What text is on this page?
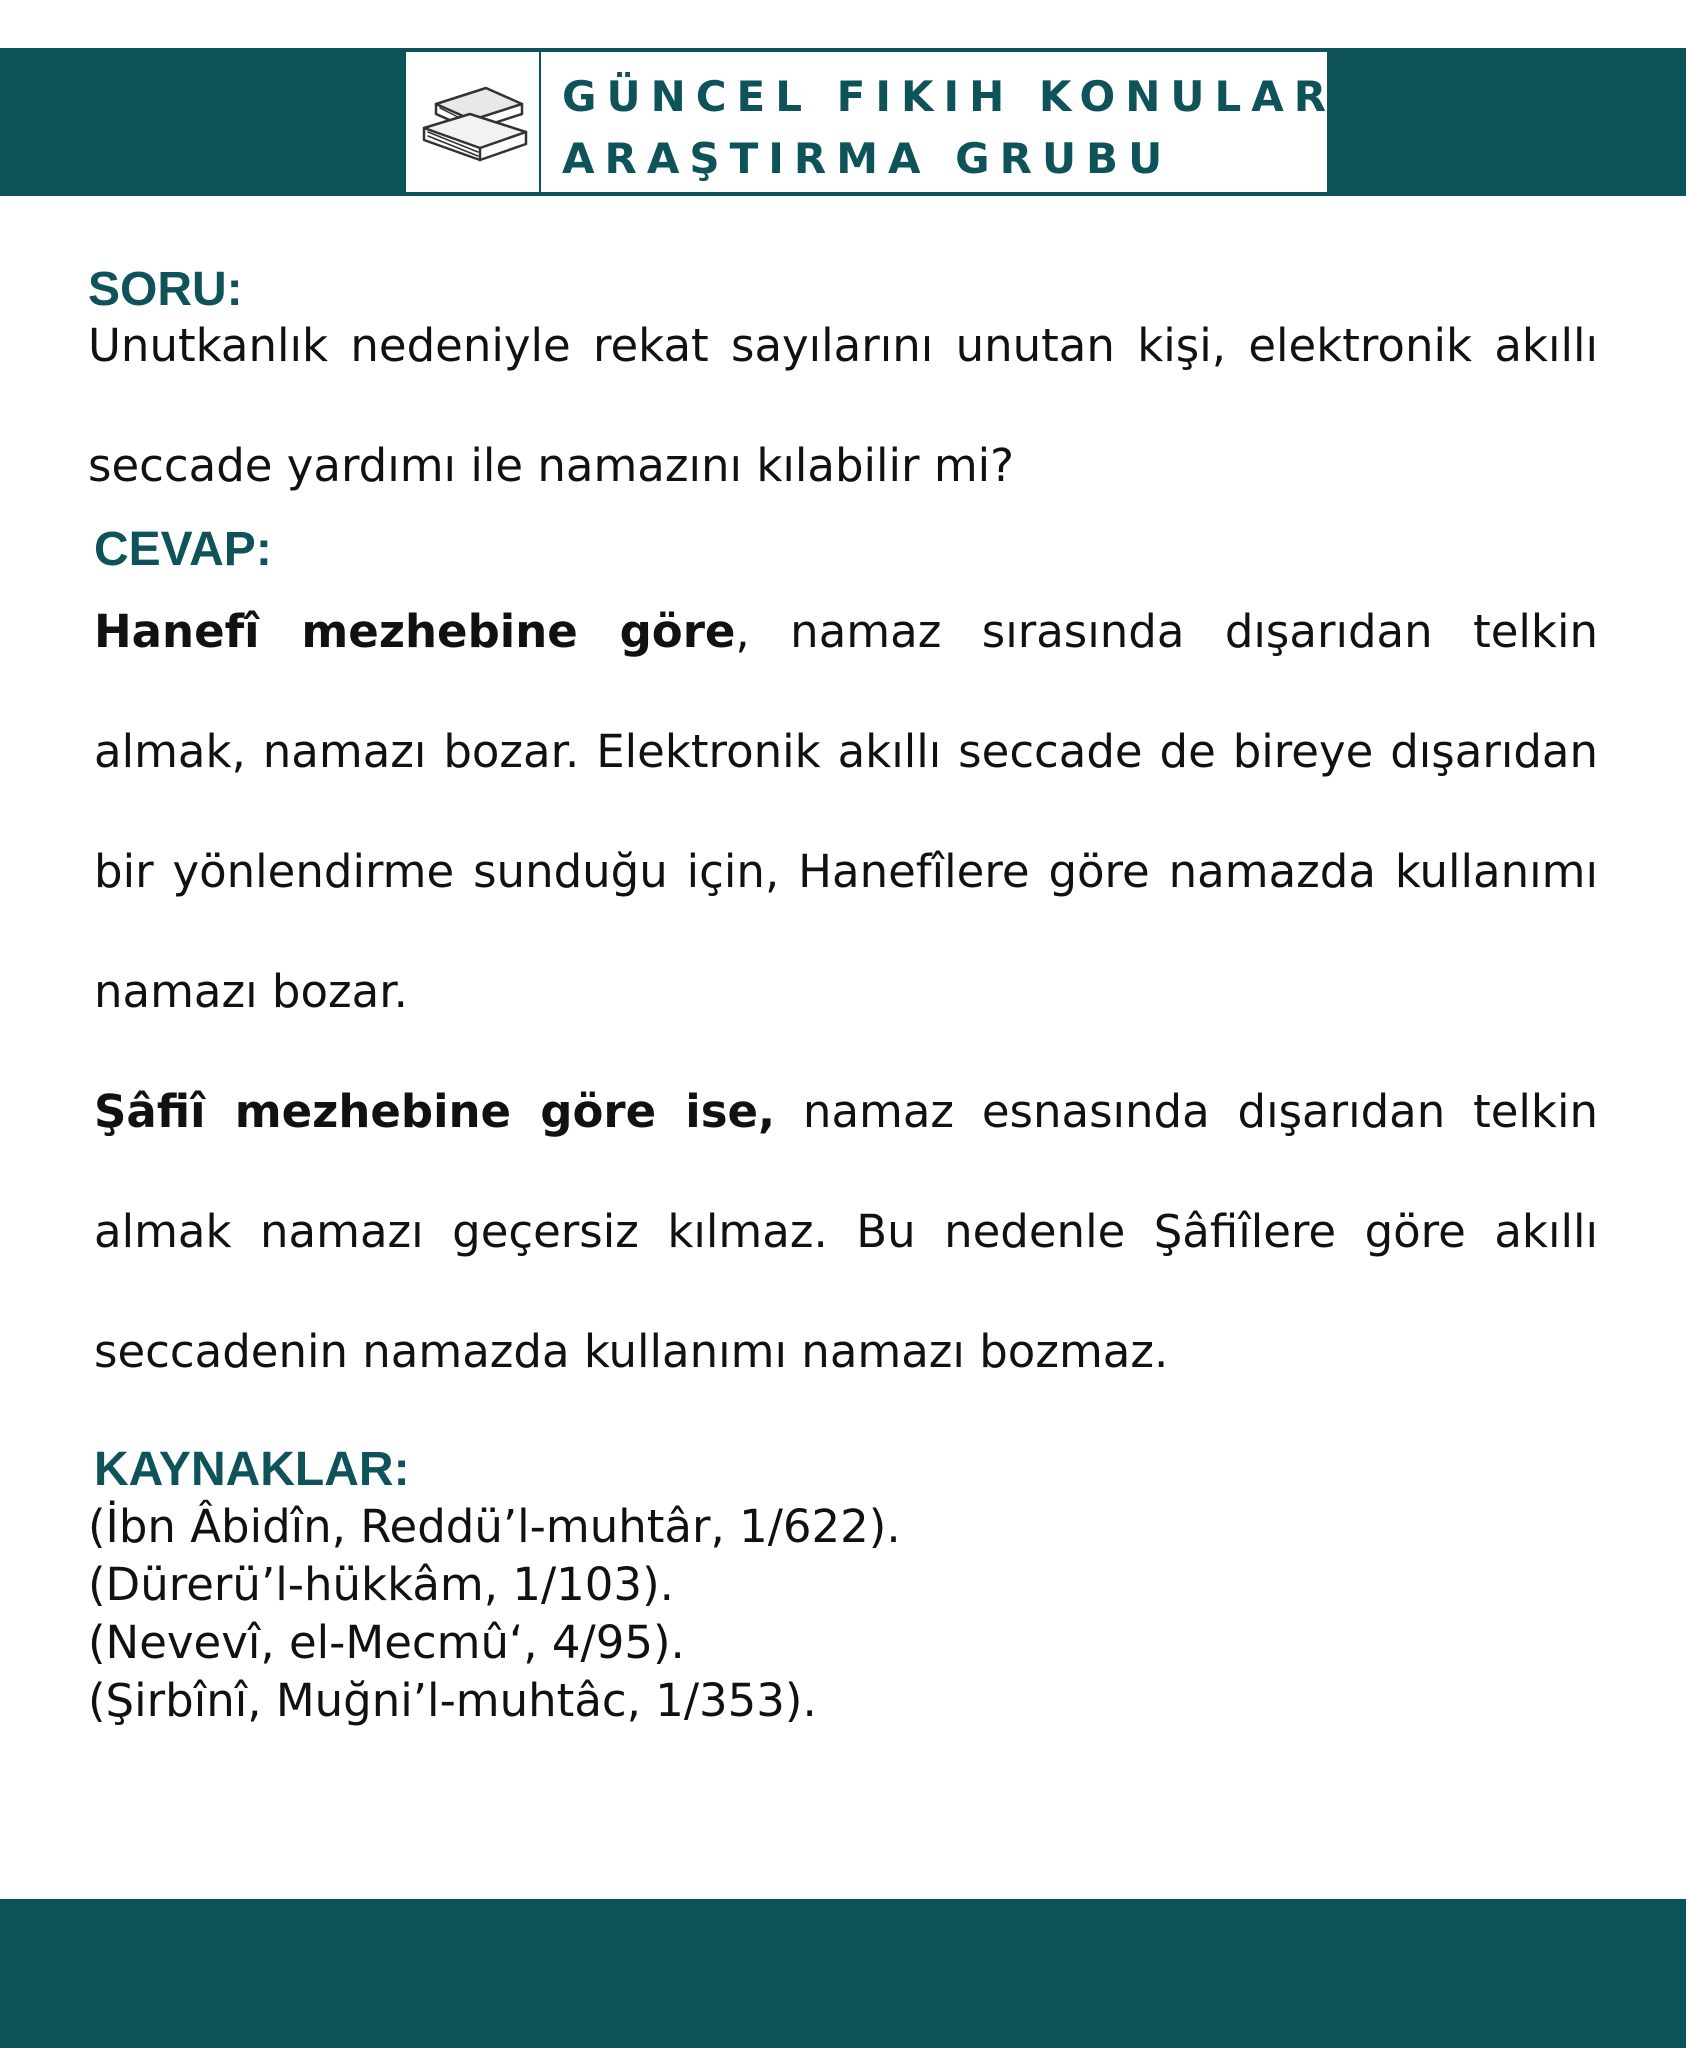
GÜNCEL FIKIH KONULARI
ARAŞTIRMA GRUBU
SORU:

Unutkanlık nedeniyle rekat sayılarını unutan kişi, elektronik akıllı seccade yardımı ile namazını kılabilir mi?

CEVAP:

Hanefî mezhebine göre, namaz sırasında dışarıdan telkin almak, namazı bozar. Elektronik akıllı seccade de bireye dışarıdan bir yönlendirme sunduğu için, Hanefîlere göre namazda kullanımı namazı bozar.

Şâfiî mezhebine göre ise, namaz esnasında dışarıdan telkin almak namazı geçersiz kılmaz. Bu nedenle Şâfiîlere göre akıllı seccadenin namazda kullanımı namazı bozmaz.

KAYNAKLAR:

(İbn Âbidîn, Reddü’l-muhtâr, 1/622).
(Dürerü’l-hükkâm, 1/103).
(Nevevî, el-Mecmû‘, 4/95).
(Şirbînî, Muğni’l-muhtâc, 1/353).
